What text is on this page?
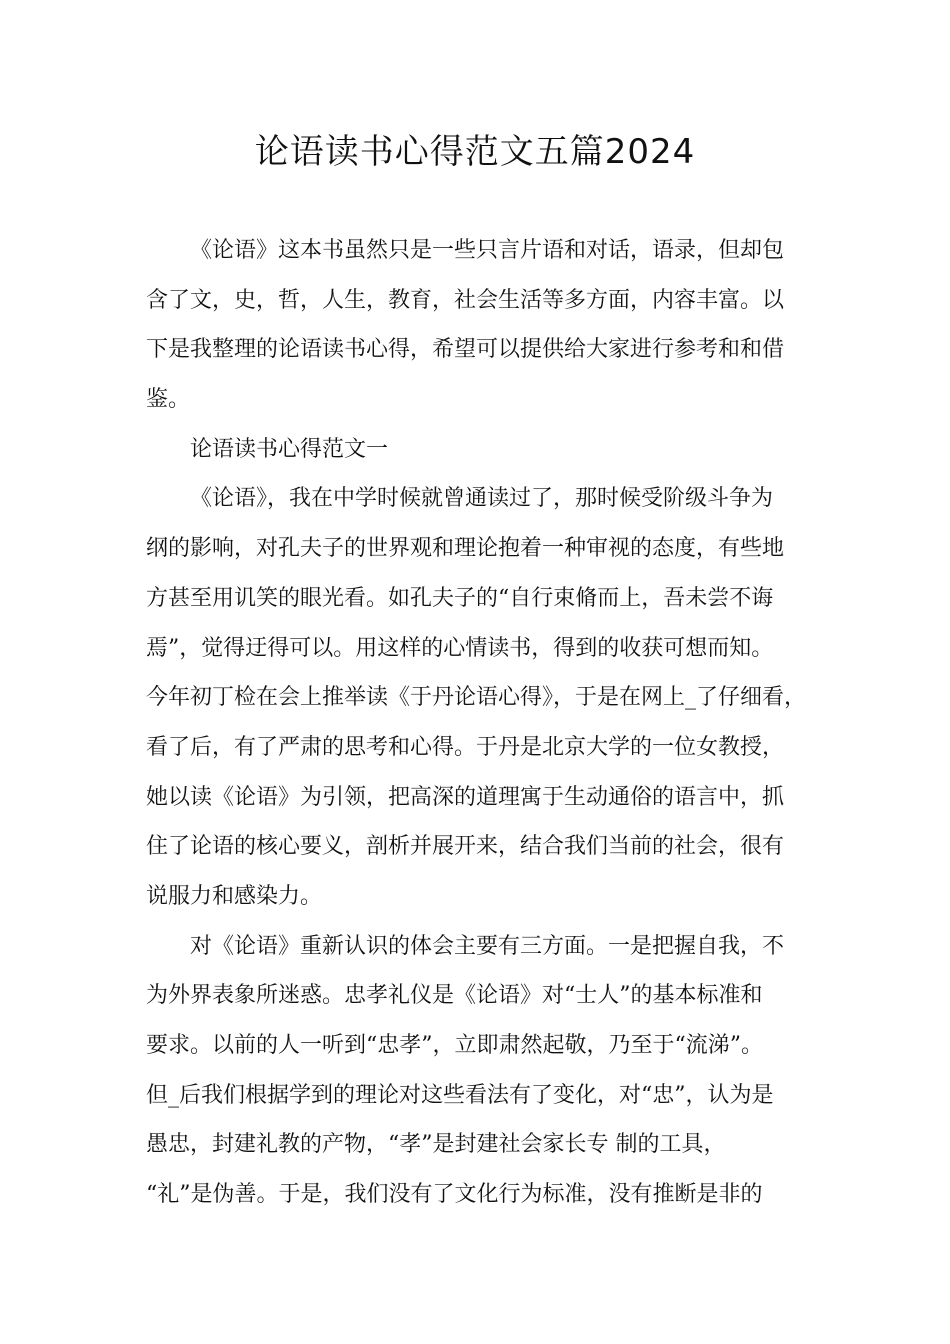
论语读书心得范文五篇2024
《论语》这本书虽然只是一些只言片语和对话，语录，但却包
含了文，史，哲，人生，教育，社会生活等多方面，内容丰富。以
下是我整理的论语读书心得，希望可以提供给大家进行参考和和借
鉴。
论语读书心得范文一
《论语》，我在中学时候就曾通读过了，那时候受阶级斗争为
纲的影响，对孔夫子的世界观和理论抱着一种审视的态度，有些地
方甚至用讥笑的眼光看。如孔夫子的“自行束脩而上，吾未尝不诲
焉”，觉得迂得可以。用这样的心情读书，得到的收获可想而知。
今年初丁检在会上推举读《于丹论语心得》，于是在网上_了仔细看，
看了后，有了严肃的思考和心得。于丹是北京大学的一位女教授，
她以读《论语》为引领，把高深的道理寓于生动通俗的语言中，抓
住了论语的核心要义，剖析并展开来，结合我们当前的社会，很有
说服力和感染力。
对《论语》重新认识的体会主要有三方面。一是把握自我，不
为外界表象所迷惑。忠孝礼仪是《论语》对“士人”的基本标准和
要求。以前的人一听到“忠孝”，立即肃然起敬，乃至于“流涕”。
但_后我们根据学到的理论对这些看法有了变化，对“忠”，认为是
愚忠，封建礼教的产物，“孝”是封建社会家长专 制的工具，
“礼”是伪善。于是，我们没有了文化行为标准，没有推断是非的
